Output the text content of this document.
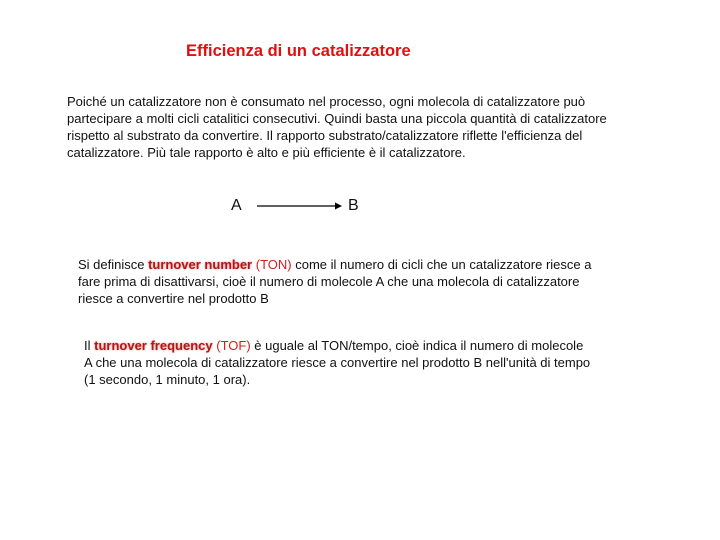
Efficienza di un catalizzatore
Poiché un catalizzatore non è consumato nel processo, ogni molecola di catalizzatore può partecipare a molti cicli catalitici consecutivi. Quindi basta una piccola quantità di catalizzatore rispetto al substrato da convertire. Il rapporto substrato/catalizzatore riflette l'efficienza del catalizzatore. Più tale rapporto è alto e più efficiente è il catalizzatore.
A	B
Si definisce turnover number (TON) come il numero di cicli che un catalizzatore riesce a fare prima di disattivarsi, cioè il numero di molecole A che una molecola di catalizzatore riesce a convertire nel prodotto B
Il turnover frequency (TOF) è uguale al TON/tempo, cioè indica il numero di molecole A che una molecola di catalizzatore riesce a convertire nel prodotto B nell'unità di tempo (1 secondo, 1 minuto, 1 ora).
